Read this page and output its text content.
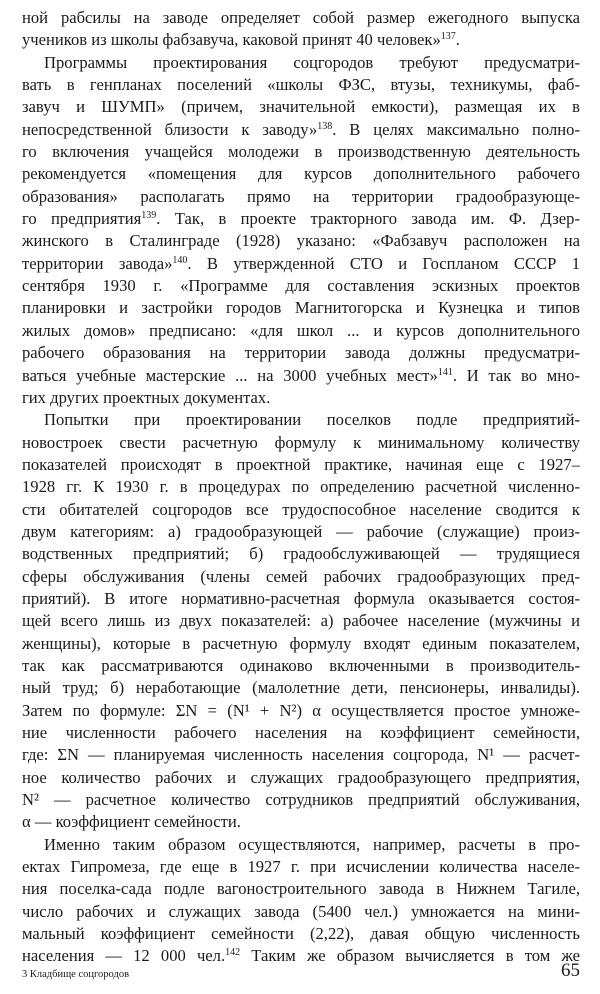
ной рабсилы на заводе определяет собой размер ежегодного выпуска
учеников из школы фабзавуча, каковой принят 40 человек»$^{137}$.
Программы проектирования соцгородов требуют предусматри-
вать в генпланах поселений «школы ФЗС, втузы, техникумы, фаб-
завуч и ШУМП» (причем, значительной емкости), размещая их в
непосредственной близости к заводу»$^{138}$. В целях максимально полно-
го включения учащейся молодежи в производственную деятельность
рекомендуется «помещения для курсов дополнительного рабочего
образования» располагать прямо на территории градообразующе-
го предприятия$^{139}$. Так, в проекте тракторного завода им. Ф. Дзер-
жинского в Сталинграде (1928) указано: «Фабзавуч расположен на
территории завода»$^{140}$. В утвержденной СТО и Госпланом СССР 1
сентября 1930 г. «Программе для составления эскизных проектов
планировки и застройки городов Магнитогорска и Кузнецка и типов
жилых домов» предписано: «для школ ... и курсов дополнительного
рабочего образования на территории завода должны предусматри-
ваться учебные мастерские ... на 3000 учебных мест»$^{141}$. И так во мно-
гих других проектных документах.
Попытки при проектировании поселков подле предприятий-
новостроек свести расчетную формулу к минимальному количеству
показателей происходят в проектной практике, начиная еще с 1927–
1928 гг. К 1930 г. в процедурах по определению расчетной численно-
сти обитателей соцгородов все трудоспособное население сводится к
двум категориям: а) градообразующей — рабочие (служащие) произ-
водственных предприятий; б) градообслуживающей — трудящиеся
сферы обслуживания (члены семей рабочих градообразующих пред-
приятий). В итоге нормативно-расчетная формула оказывается состоя-
щей всего лишь из двух показателей: а) рабочее население (мужчины и
женщины), которые в расчетную формулу входят единым показателем,
так как рассматриваются одинаково включенными в производитель-
ный труд; б) неработающие (малолетние дети, пенсионеры, инвалиды).
Затем по формуле: ΣN = (N¹ + N²) α осуществляется простое умноже-
ние численности рабочего населения на коэффициент семейности,
где: ΣN — планируемая численность населения соцгорода, N¹ — расчет-
ное количество рабочих и служащих градообразующего предприятия,
N² — расчетное количество сотрудников предприятий обслуживания,
α — коэффициент семейности.
Именно таким образом осуществляются, например, расчеты в про-
ектах Гипромеза, где еще в 1927 г. при исчислении количества населе-
ния поселка-сада подле вагоностроительного завода в Нижнем Тагиле,
число рабочих и служащих завода (5400 чел.) умножается на мини-
мальный коэффициент семейности (2,22), давая общую численность
населения — 12 000 чел.$^{142}$ Таким же образом вычисляется в том же
3 Кладбище соцгородов	65
